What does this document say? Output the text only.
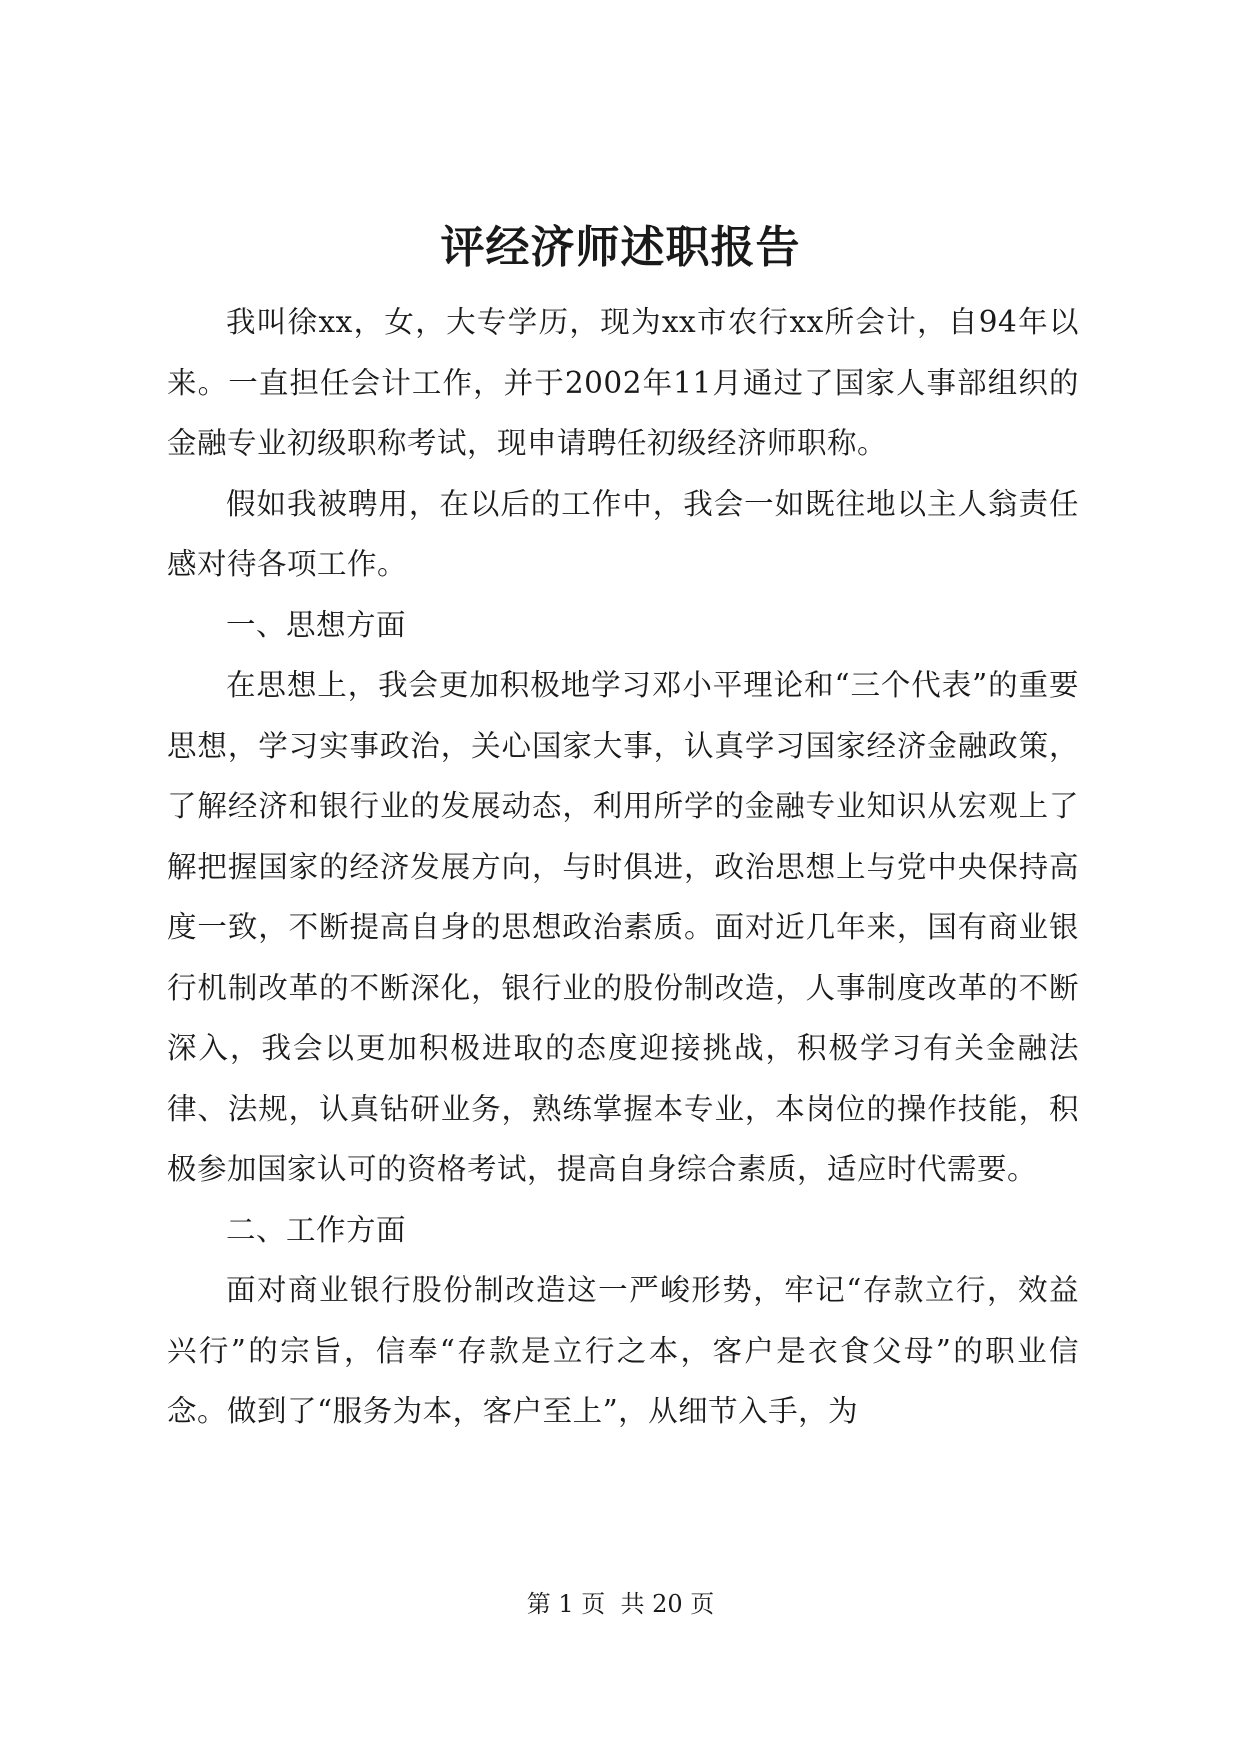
评经济师述职报告

我叫徐xx，女，大专学历，现为xx市农行xx所会计，自94年以来。一直担任会计工作，并于2002年11月通过了国家人事部组织的金融专业初级职称考试，现申请聘任初级经济师职称。

假如我被聘用，在以后的工作中，我会一如既往地以主人翁责任感对待各项工作。

一、思想方面

在思想上，我会更加积极地学习邓小平理论和“三个代表”的重要思想，学习实事政治，关心国家大事，认真学习国家经济金融政策，了解经济和银行业的发展动态，利用所学的金融专业知识从宏观上了解把握国家的经济发展方向，与时俱进，政治思想上与党中央保持高度一致，不断提高自身的思想政治素质。面对近几年来，国有商业银行机制改革的不断深化，银行业的股份制改造，人事制度改革的不断深入，我会以更加积极进取的态度迎接挑战，积极学习有关金融法律、法规，认真钻研业务，熟练掌握本专业，本岗位的操作技能，积极参加国家认可的资格考试，提高自身综合素质，适应时代需要。

二、工作方面

面对商业银行股份制改造这一严峻形势，牢记“存款立行，效益兴行”的宗旨，信奉“存款是立行之本，客户是衣食父母”的职业信念。做到了“服务为本，客户至上”，从细节入手，为

第 1 页  共 20 页
